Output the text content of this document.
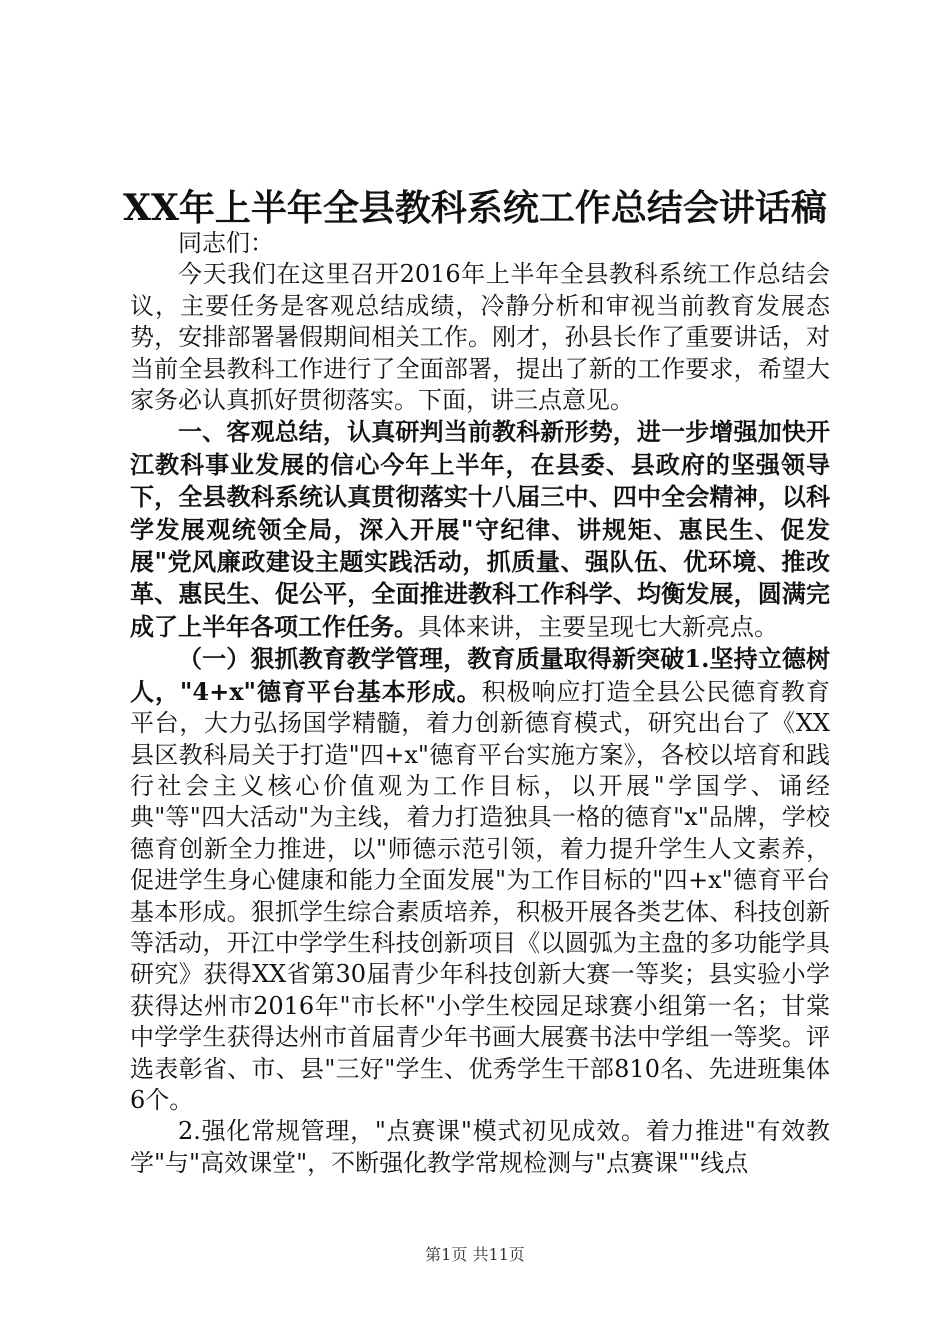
XX年上半年全县教科系统工作总结会讲话稿

同志们：

今天我们在这里召开2016年上半年全县教科系统工作总结会议，主要任务是客观总结成绩，冷静分析和审视当前教育发展态势，安排部署暑假期间相关工作。刚才，孙县长作了重要讲话，对当前全县教科工作进行了全面部署，提出了新的工作要求，希望大家务必认真抓好贯彻落实。下面，讲三点意见。

一、客观总结，认真研判当前教科新形势，进一步增强加快开江教科事业发展的信心今年上半年，在县委、县政府的坚强领导下，全县教科系统认真贯彻落实十八届三中、四中全会精神，以科学发展观统领全局，深入开展"守纪律、讲规矩、惠民生、促发展"党风廉政建设主题实践活动，抓质量、强队伍、优环境、推改革、惠民生、促公平，全面推进教科工作科学、均衡发展，圆满完成了上半年各项工作任务。具体来讲，主要呈现七大新亮点。

（一）狠抓教育教学管理，教育质量取得新突破1.坚持立德树人，"4+x"德育平台基本形成。积极响应打造全县公民德育教育平台，大力弘扬国学精髓，着力创新德育模式，研究出台了《XX县区教科局关于打造"四+x"德育平台实施方案》，各校以培育和践行社会主义核心价值观为工作目标，以开展"学国学、诵经典"等"四大活动"为主线，着力打造独具一格的德育"x"品牌，学校德育创新全力推进，以"师德示范引领，着力提升学生人文素养，促进学生身心健康和能力全面发展"为工作目标的"四+x"德育平台基本形成。狠抓学生综合素质培养，积极开展各类艺体、科技创新等活动，开江中学学生科技创新项目《以圆弧为主盘的多功能学具研究》获得XX省第30届青少年科技创新大赛一等奖；县实验小学获得达州市2016年"市长杯"小学生校园足球赛小组第一名；甘棠中学学生获得达州市首届青少年书画大展赛书法中学组一等奖。评选表彰省、市、县"三好"学生、优秀学生干部810名、先进班集体6个。

2.强化常规管理，"点赛课"模式初见成效。着力推进"有效教学"与"高效课堂"，不断强化教学常规检测与"点赛课""线点

第1页 共11页
